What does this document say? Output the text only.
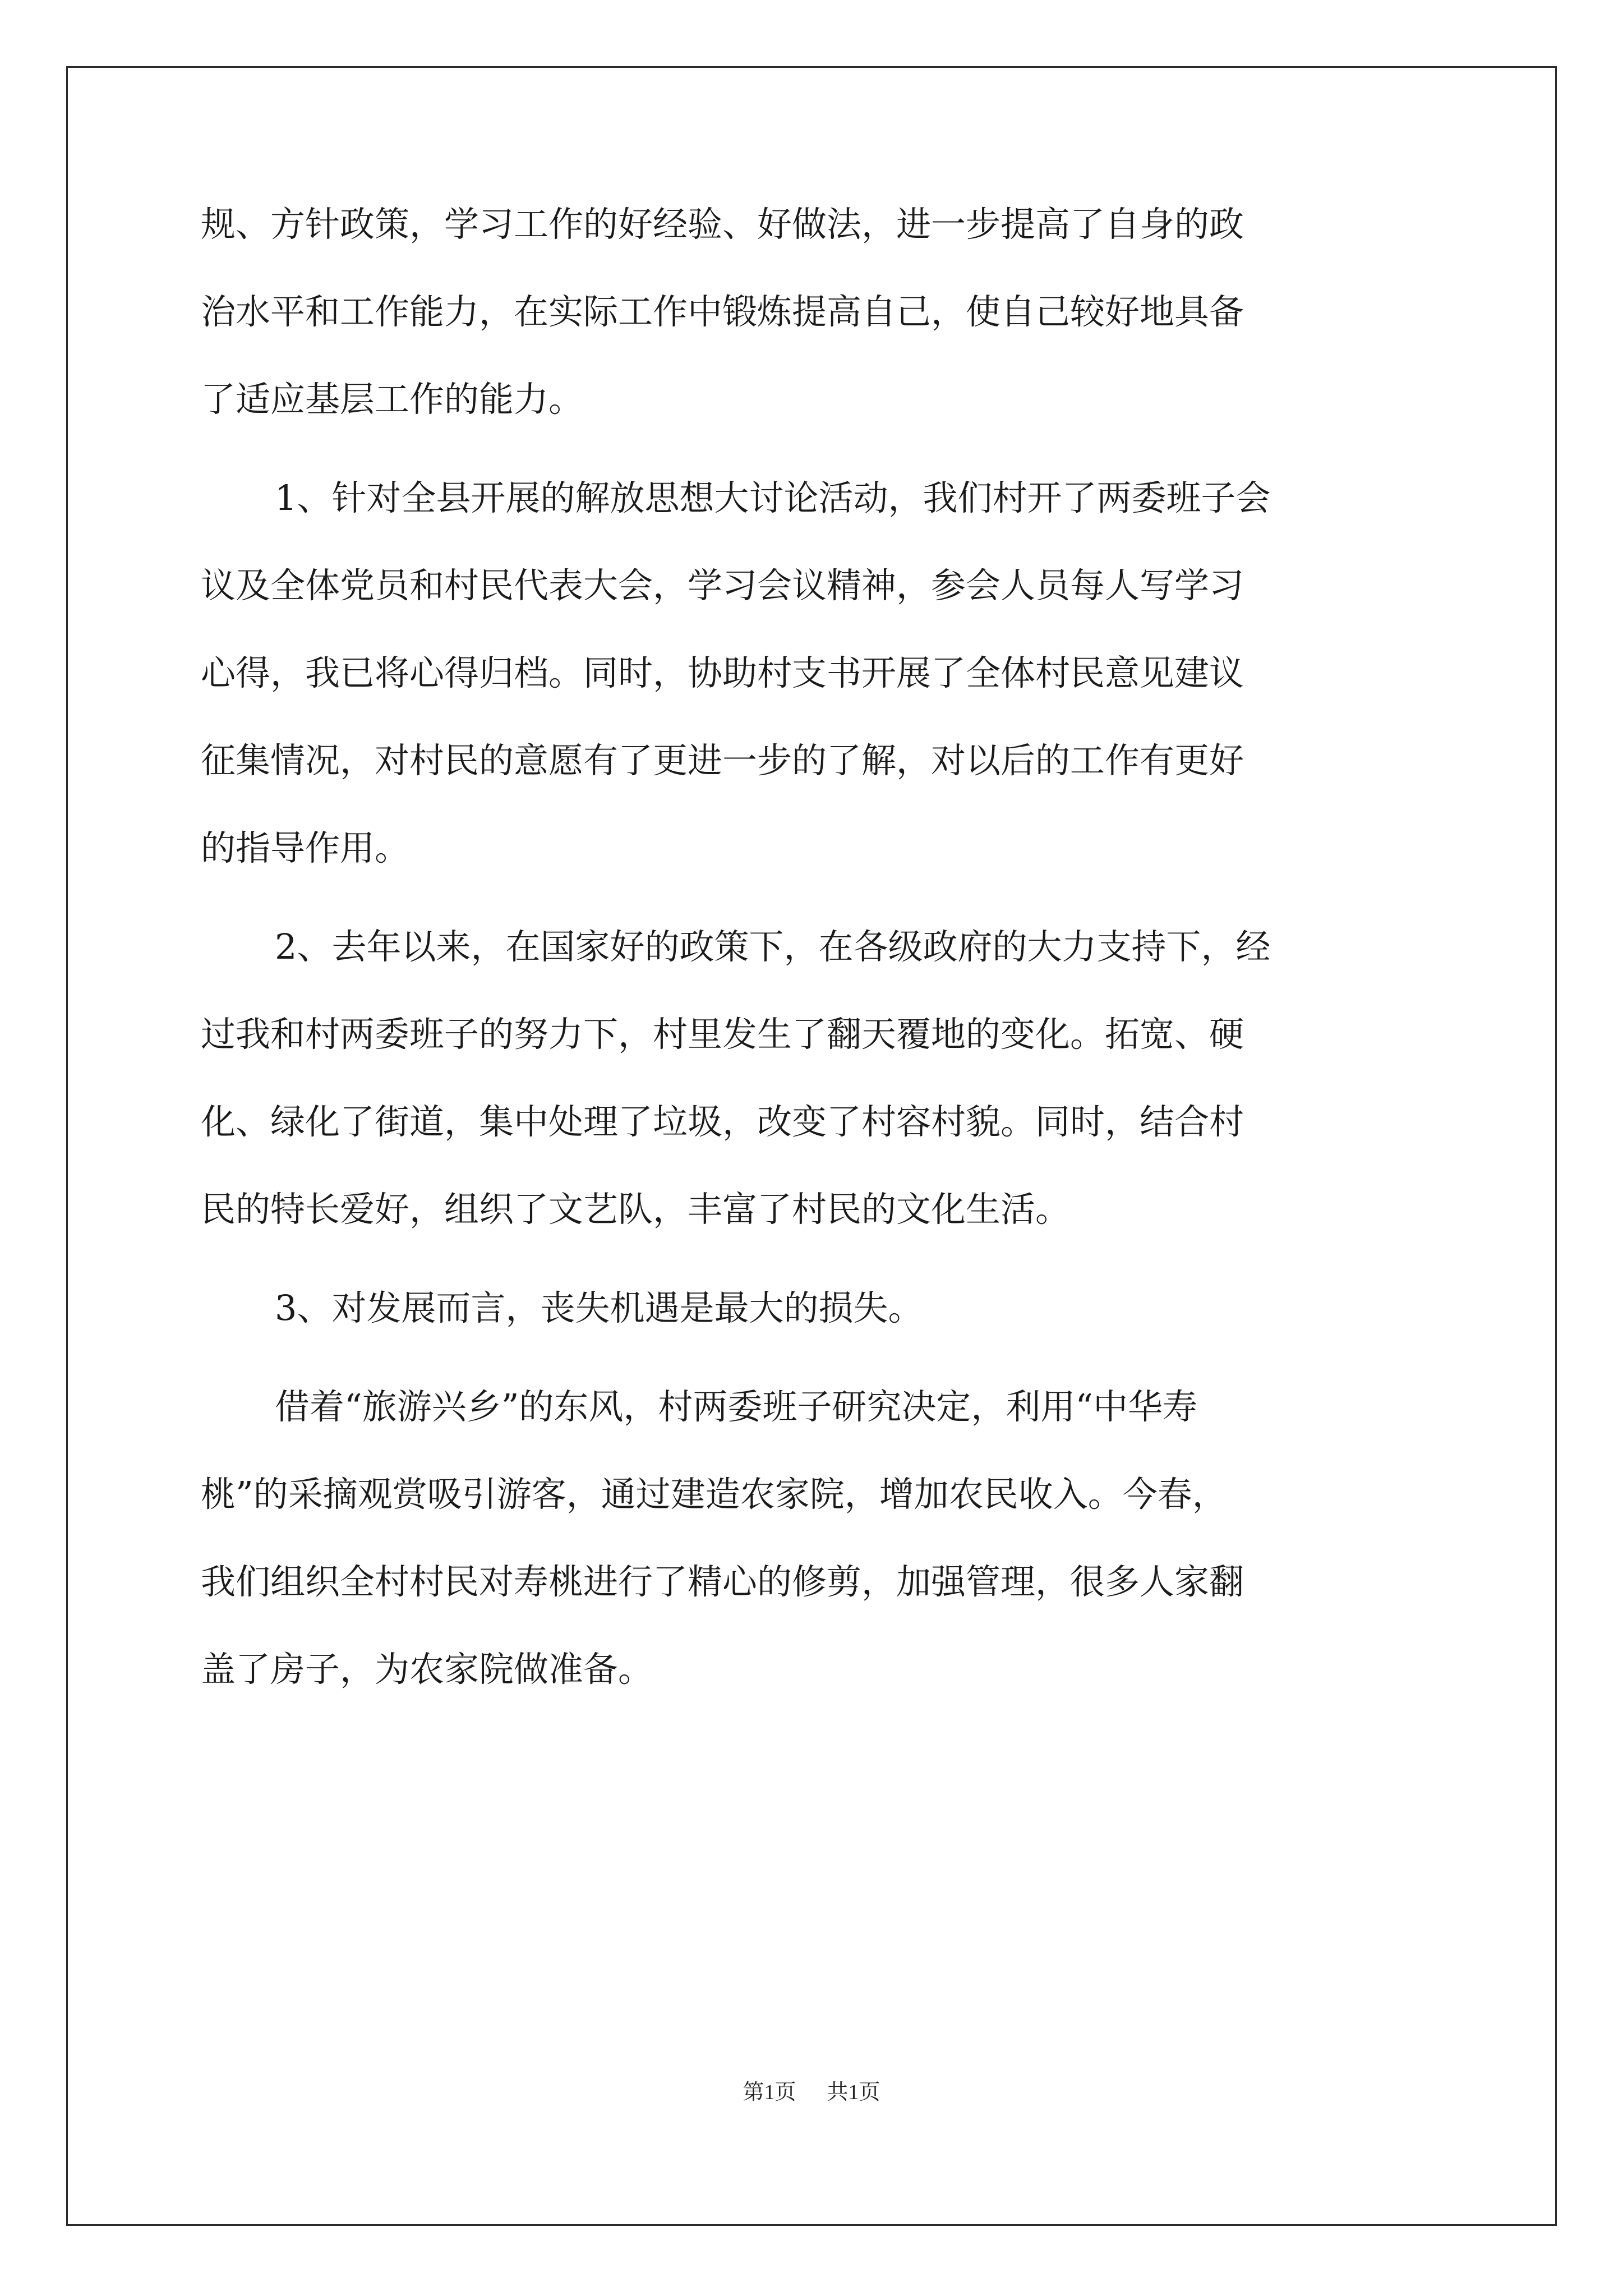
规、方针政策，学习工作的好经验、好做法，进一步提高了自身的政
治水平和工作能力，在实际工作中锻炼提高自己，使自己较好地具备
了适应基层工作的能力。
1、针对全县开展的解放思想大讨论活动，我们村开了两委班子会
议及全体党员和村民代表大会，学习会议精神，参会人员每人写学习
心得，我已将心得归档。同时，协助村支书开展了全体村民意见建议
征集情况，对村民的意愿有了更进一步的了解，对以后的工作有更好
的指导作用。
2、去年以来，在国家好的政策下，在各级政府的大力支持下，经
过我和村两委班子的努力下，村里发生了翻天覆地的变化。拓宽、硬
化、绿化了街道，集中处理了垃圾，改变了村容村貌。同时，结合村
民的特长爱好，组织了文艺队，丰富了村民的文化生活。
3、对发展而言，丧失机遇是最大的损失。
借着“旅游兴乡”的东风，村两委班子研究决定，利用“中华寿
桃”的采摘观赏吸引游客，通过建造农家院，增加农民收入。今春，
我们组织全村村民对寿桃进行了精心的修剪，加强管理，很多人家翻
盖了房子，为农家院做准备。
第1页 共1页
